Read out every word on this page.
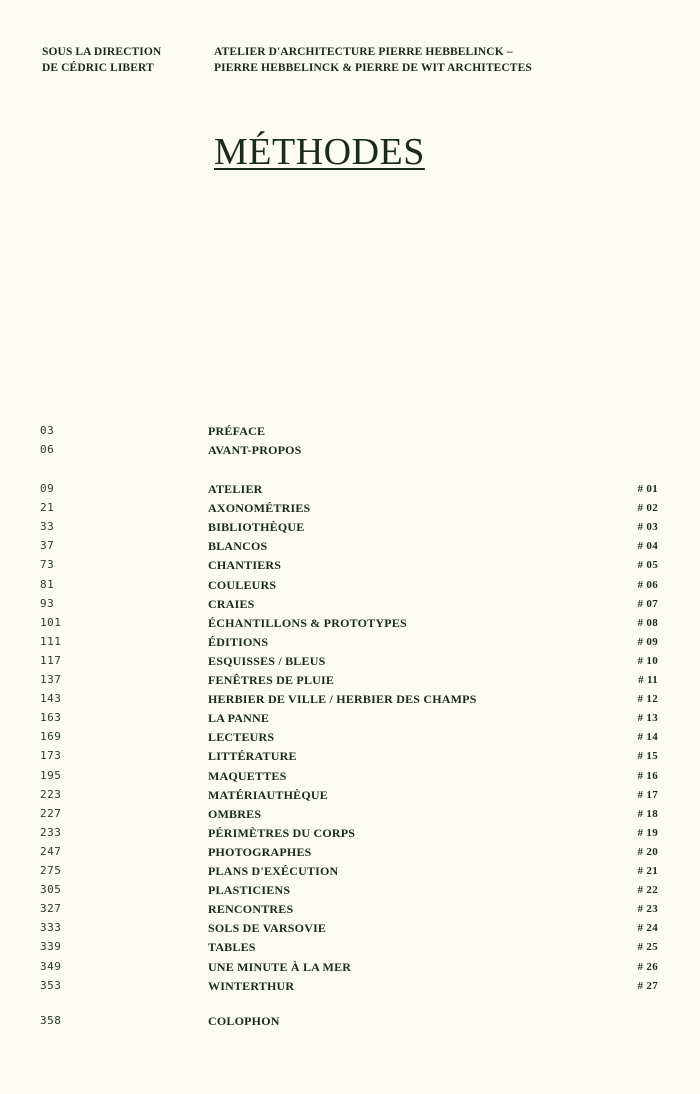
SOUS LA DIRECTION
DE CÉDRIC LIBERT
ATELIER D'ARCHITECTURE PIERRE HEBBELINCK –
PIERRE HEBBELINCK & PIERRE DE WIT ARCHITECTES
MÉTHODES
03	PRÉFACE
06	AVANT-PROPOS
09	ATELIER	# 01
21	AXONOMÉTRIES	# 02
33	BIBLIOTHÈQUE	# 03
37	BLANCOS	# 04
73	CHANTIERS	# 05
81	COULEURS	# 06
93	CRAIES	# 07
101	ÉCHANTILLONS & PROTOTYPES	# 08
111	ÉDITIONS	# 09
117	ESQUISSES / BLEUS	# 10
137	FENÊTRES DE PLUIE	# 11
143	HERBIER DE VILLE / HERBIER DES CHAMPS	# 12
163	LA PANNE	# 13
169	LECTEURS	# 14
173	LITTÉRATURE	# 15
195	MAQUETTES	# 16
223	MATÉRIAUTHÈQUE	# 17
227	OMBRES	# 18
233	PÉRIMÈTRES DU CORPS	# 19
247	PHOTOGRAPHES	# 20
275	PLANS D'EXÉCUTION	# 21
305	PLASTICIENS	# 22
327	RENCONTRES	# 23
333	SOLS DE VARSOVIE	# 24
339	TABLES	# 25
349	UNE MINUTE À LA MER	# 26
353	WINTERTHUR	# 27
358	COLOPHON
